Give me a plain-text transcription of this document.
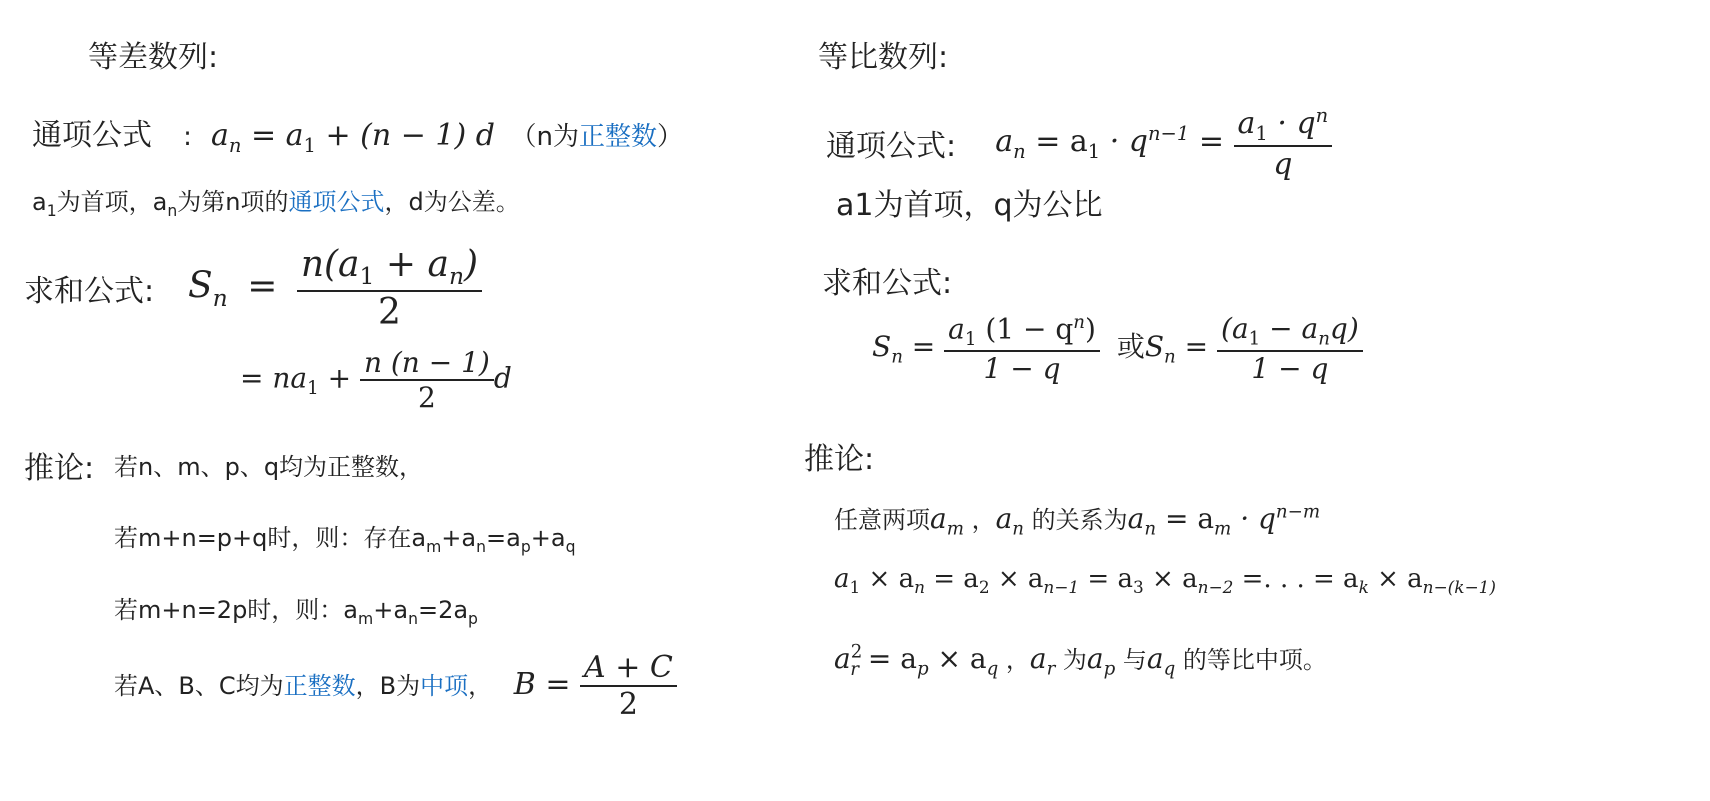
等差数列:
通项公式 : $a_n = a_1 + (n - 1)$ d （n为正整数）
$a_1$为首项，$a_n$为第n项的通项公式，d为公差。
求和公式: $S_n = \frac{n(a_1 + a_n)}{2}$
= $na_1 + \frac{n (n - 1)}{2}$ d
推论: 若n、m、p、q均为正整数，
若m+n=p+q时，则：存在$a_m+a_n=a_p+a_q$
若m+n=2p时，则：$a_m+a_n=2a_p$
若A、B、C均为正整数，B为中项， $B = \frac{A + C}{2}$
等比数列:
通项公式: $a_n = a_1 \cdot q^{n-1} = \frac{a_1 \cdot q^n}{q}$
a1为首项，q为公比
求和公式:
$S_n = \frac{a_1 (1 - q^n)}{1 - q}$ 或$S_n = \frac{(a_1 - a_nq)}{1 - q}$
推论:
任意两项$a_m$ ，$a_n$ 的关系为$a_n = a_m \cdot q^{n-m}$
$a_1 \times a_n = a_2 \times a_{n-1} = a_3 \times a_{n-2}$ =. . . = $a_k \times a_{n-(k-1)}$
$a^2_r = a_p \times a_q$ ，$a_r$ 为$a_p$ 与$a_q$ 的等比中项。
